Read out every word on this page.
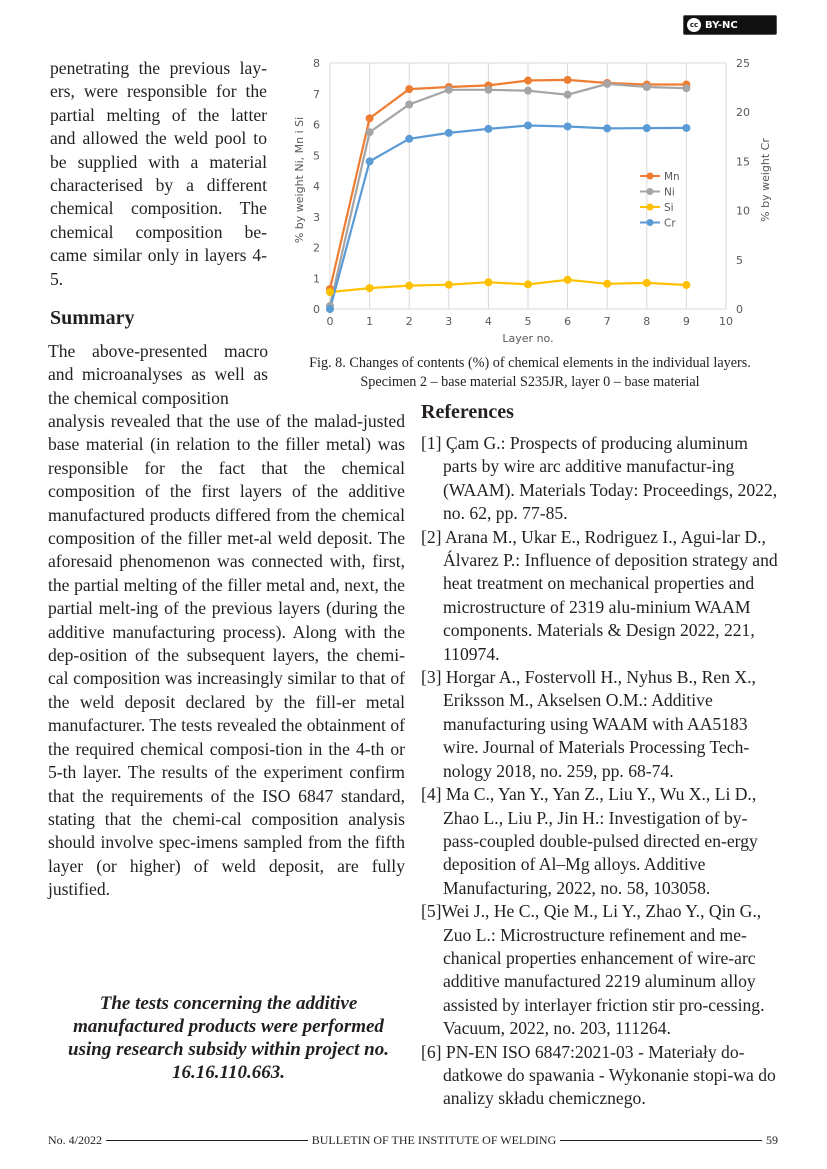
cc BY-NC

penetrating the previous lay-ers, were responsible for the partial melting of the latter and allowed the weld pool to be supplied with a material characterised by a different chemical composition. The chemical composition be-came similar only in layers 4-5.

Summary

The above-presented macro and microanalyses as well as the chemical composition

analysis revealed that the use of the malad-justed base material (in relation to the filler metal) was responsible for the fact that the chemical composition of the first layers of the additive manufactured products differed from the chemical composition of the filler met-al weld deposit. The aforesaid phenomenon was connected with, first, the partial melting of the filler metal and, next, the partial melt-ing of the previous layers (during the additive manufacturing process). Along with the dep-osition of the subsequent layers, the chemi-cal composition was increasingly similar to that of the weld deposit declared by the fill-er metal manufacturer. The tests revealed the obtainment of the required chemical composi-tion in the 4-th or 5-th layer. The results of the experiment confirm that the requirements of the ISO 6847 standard, stating that the chemi-cal composition analysis should involve spec-imens sampled from the fifth layer (or higher) of weld deposit, are fully justified.

The tests concerning the additive manufactured products were performed using research subsidy within project no. 16.16.110.663.

0	1	2	3	4	5	6	7	8	9	10
0
1
2
3
4
5
6
7
8
0
5
10
15
20
25
Layer no.
% by weight Ni, Mn i Si	% by weight Cr
Mn
Ni
Si
Cr
Fig. 8. Changes of contents (%) of chemical elements in the individual layers.
Specimen 2 – base material S235JR, layer 0 – base material
References
[1] Çam G.: Prospects of producing aluminum parts by wire arc additive manufactur-ing (WAAM). Materials Today: Proceedings, 2022, no. 62, pp. 77-85.
[2] Arana M., Ukar E., Rodriguez I., Agui-lar D., Álvarez P.: Influence of deposition strategy and heat treatment on mechanical properties and microstructure of 2319 alu-minium WAAM components. Materials & Design 2022, 221, 110974.
[3] Horgar A., Fostervoll H., Nyhus B., Ren X., Eriksson M., Akselsen O.M.: Additive manufacturing using WAAM with AA5183 wire. Journal of Materials Processing Tech-nology 2018, no. 259, pp. 68-74.
[4] Ma C., Yan Y., Yan Z., Liu Y., Wu X., Li D., Zhao L., Liu P., Jin H.: Investigation of by-pass-coupled double-pulsed directed en-ergy deposition of Al–Mg alloys. Additive Manufacturing, 2022, no. 58, 103058.
[5]Wei J., He C., Qie M., Li Y., Zhao Y., Qin G., Zuo L.: Microstructure refinement and me-chanical properties enhancement of wire-arc additive manufactured 2219 aluminum alloy assisted by interlayer friction stir pro-cessing. Vacuum, 2022, no. 203, 111264.
[6] PN-EN ISO 6847:2021-03 - Materiały do-datkowe do spawania - Wykonanie stopi-wa do analizy składu chemicznego.
No. 4/2022	BULLETIN OF THE INSTITUTE OF WELDING	59
